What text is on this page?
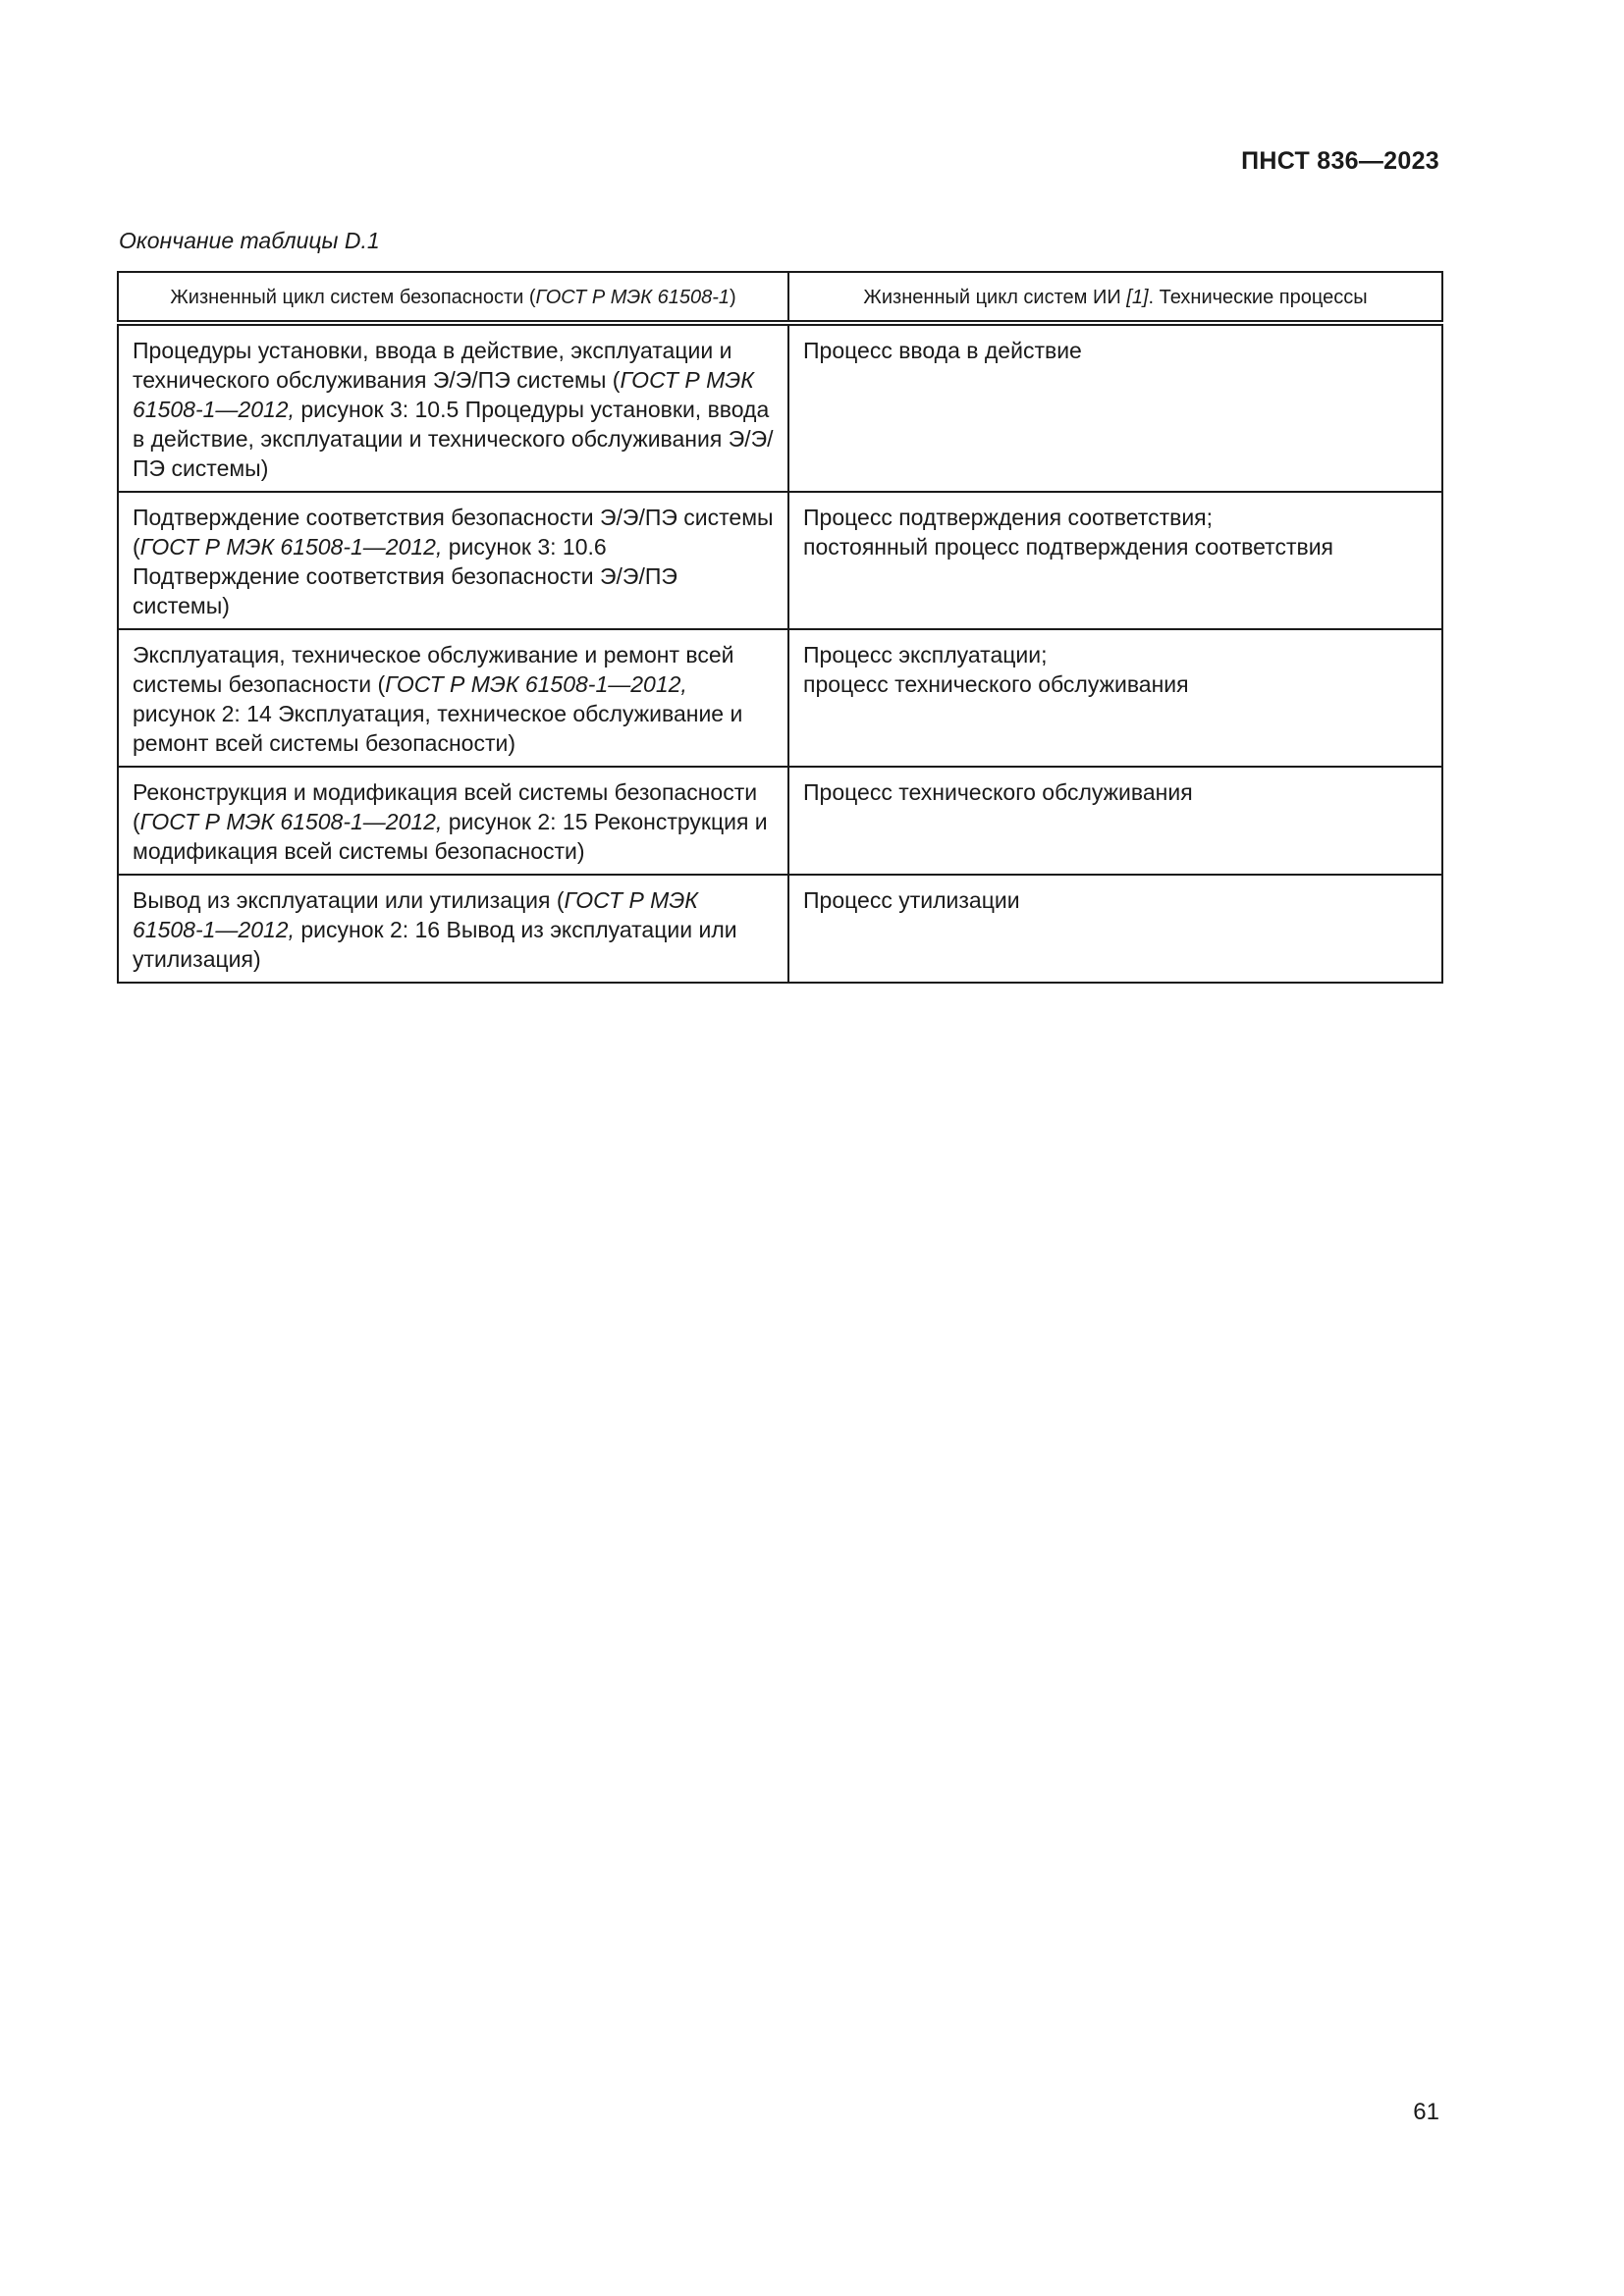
ПНСТ 836—2023
Окончание таблицы D.1
Жизненный цикл систем безопасности (ГОСТ Р МЭК 61508-1)	Жизненный цикл систем ИИ [1]. Технические процессы
Процедуры установки, ввода в действие, эксплуатации и технического обслуживания Э/Э/ПЭ системы (ГОСТ Р МЭК 61508-1—2012, рисунок 3: 10.5 Процедуры установки, ввода в действие, эксплуатации и технического обслуживания Э/Э/ПЭ системы)	Процесс ввода в действие

Подтверждение соответствия безопасности Э/Э/ПЭ системы (ГОСТ Р МЭК 61508-1—2012, рисунок 3: 10.6 Подтверждение соответствия безопасности Э/Э/ПЭ системы)	Процесс подтверждения соответствия;
постоянный процесс подтверждения соответствия

Эксплуатация, техническое обслуживание и ремонт всей системы безопасности (ГОСТ Р МЭК 61508-1—2012, рисунок 2: 14 Эксплуатация, техническое обслуживание и ремонт всей системы безопасности)	Процесс эксплуатации;
процесс технического обслуживания

Реконструкция и модификация всей системы безопасности (ГОСТ Р МЭК 61508-1—2012, рисунок 2: 15 Реконструкция и модификация всей системы безопасности)	Процесс технического обслуживания

Вывод из эксплуатации или утилизация (ГОСТ Р МЭК 61508-1—2012, рисунок 2: 16 Вывод из эксплуатации или утилизация)	Процесс утилизации
61
